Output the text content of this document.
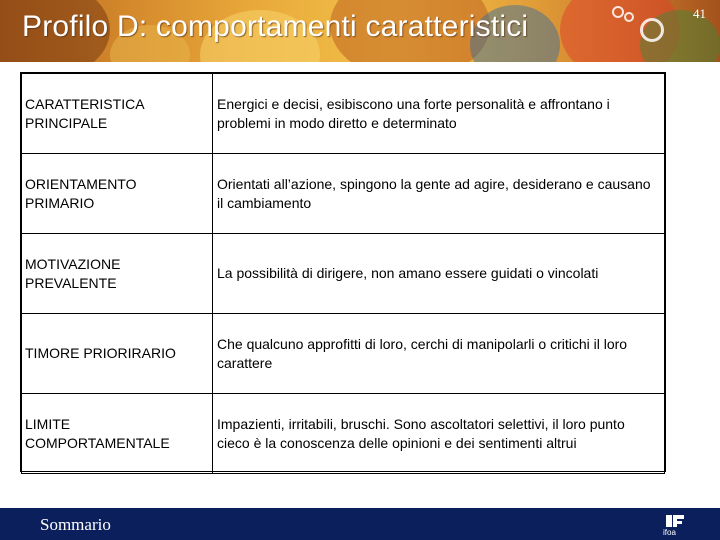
Profilo D: comportamenti caratteristici	41
CARATTERISTICA PRINCIPALE	Energici e decisi, esibiscono una forte personalità e affrontano i problemi in modo diretto e determinato
ORIENTAMENTO PRIMARIO	Orientati all’azione, spingono la gente ad agire, desiderano e causano il cambiamento
MOTIVAZIONE PREVALENTE	La possibilità di dirigere, non amano essere guidati o vincolati
TIMORE PRIORIRARIO	Che qualcuno approfitti di loro, cerchi di manipolarli o critichi il loro carattere
LIMITE COMPORTAMENTALE	Impazienti, irritabili, bruschi. Sono ascoltatori selettivi, il loro punto cieco è la conoscenza delle opinioni e dei sentimenti altrui
Sommario	ifoa
